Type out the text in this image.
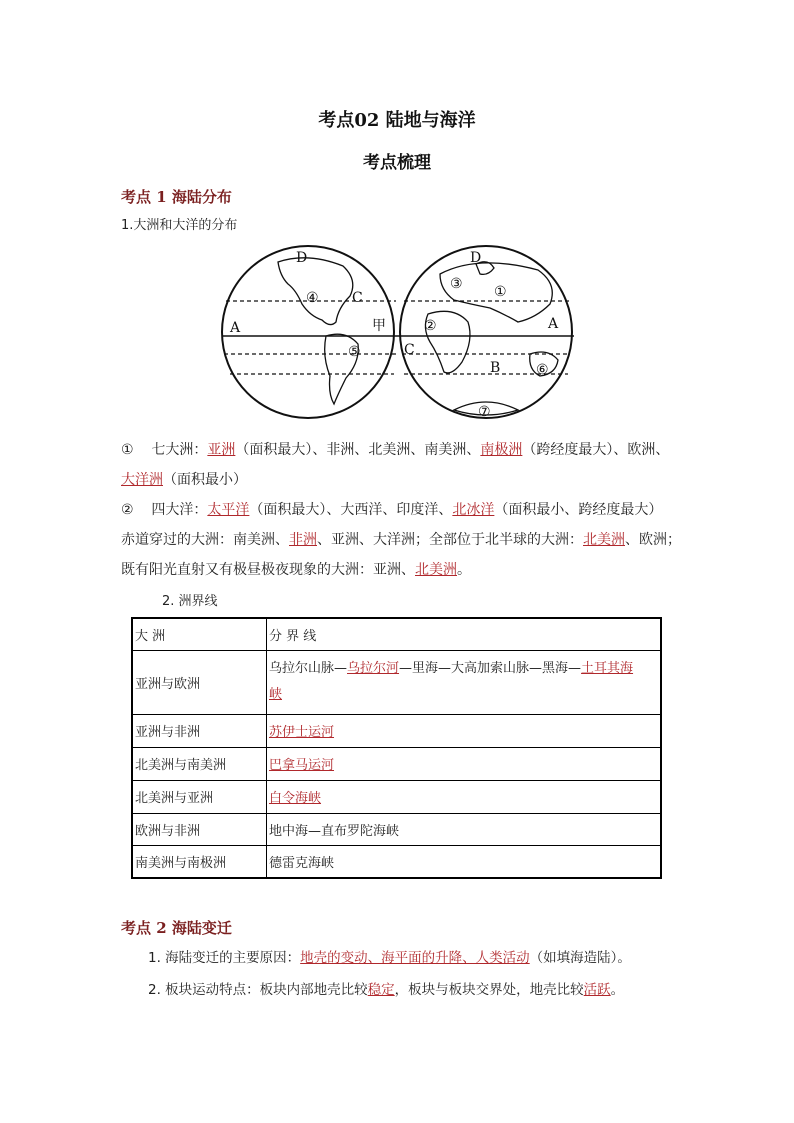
考点02 陆地与海洋
考点梳理
考点 1 海陆分布
1.大洲和大洋的分布
D
C
A	甲
④
⑤
D
③ ①
②
C
A
B	⑥
⑦

① 七大洲：亚洲（面积最大）、非洲、北美洲、南美洲、南极洲（跨经度最大）、欧洲、大洋洲（面积最小）

② 四大洋：太平洋（面积最大）、大西洋、印度洋、北冰洋（面积最小、跨经度最大）

赤道穿过的大洲：南美洲、非洲、亚洲、大洋洲；全部位于北半球的大洲：北美洲、欧洲；

既有阳光直射又有极昼极夜现象的大洲：亚洲、北美洲。

2. 洲界线
大 洲	分 界 线
亚洲与欧洲	乌拉尔山脉—乌拉尔河—里海—大高加索山脉—黑海—土耳其海
峡
亚洲与非洲	苏伊士运河
北美洲与南美洲	巴拿马运河
北美洲与亚洲	白令海峡
欧洲与非洲	地中海—直布罗陀海峡
南美洲与南极洲	德雷克海峡
考点 2 海陆变迁

1. 海陆变迁的主要原因：地壳的变动、海平面的升降、人类活动（如填海造陆）。

2. 板块运动特点：板块内部地壳比较稳定，板块与板块交界处，地壳比较活跃。
